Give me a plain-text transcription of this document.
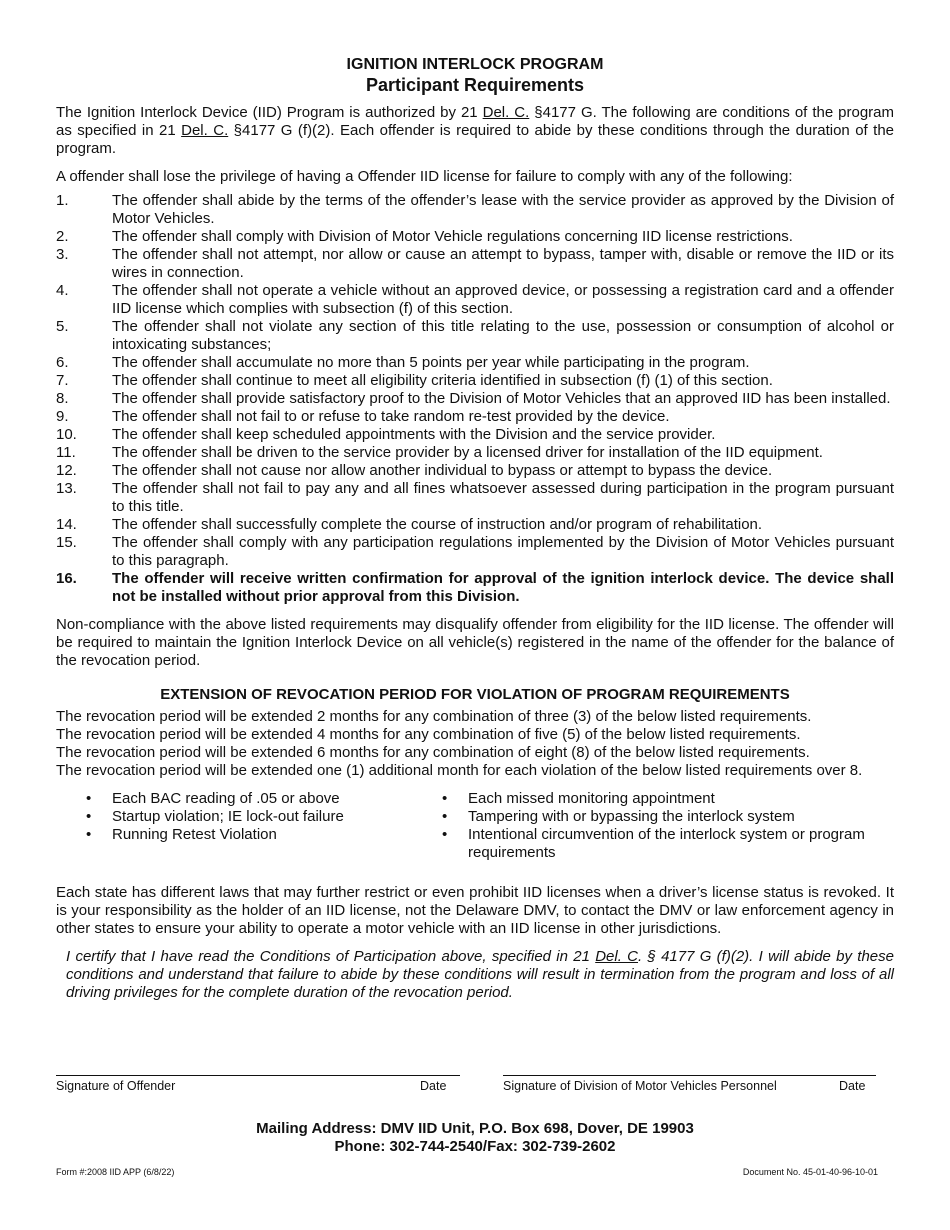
IGNITION INTERLOCK PROGRAM
Participant Requirements

The Ignition Interlock Device (IID) Program is authorized by 21 Del. C. §4177 G. The following are conditions of the program as specified in 21 Del. C. §4177 G (f)(2). Each offender is required to abide by these conditions through the duration of the program.

A offender shall lose the privilege of having a Offender IID license for failure to comply with any of the following:

1.	The offender shall abide by the terms of the offender’s lease with the service provider as approved by the Division of Motor Vehicles.
2.	The offender shall comply with Division of Motor Vehicle regulations concerning IID license restrictions.
3.	The offender shall not attempt, nor allow or cause an attempt to bypass, tamper with, disable or remove the IID or its wires in connection.
4.	The offender shall not operate a vehicle without an approved device, or possessing a registration card and a offender IID license which complies with subsection (f) of this section.
5.	The offender shall not violate any section of this title relating to the use, possession or consumption of alcohol or intoxicating substances;
6.	The offender shall accumulate no more than 5 points per year while participating in the program.
7.	The offender shall continue to meet all eligibility criteria identified in subsection (f) (1) of this section.
8.	The offender shall provide satisfactory proof to the Division of Motor Vehicles that an approved IID has been installed.
9.	The offender shall not fail to or refuse to take random re-test provided by the device.
10. The offender shall keep scheduled appointments with the Division and the service provider.
11. The offender shall be driven to the service provider by a licensed driver for installation of the IID equipment.
12. The offender shall not cause nor allow another individual to bypass or attempt to bypass the device.
13. The offender shall not fail to pay any and all fines whatsoever assessed during participation in the program pursuant to this title.
14. The offender shall successfully complete the course of instruction and/or program of rehabilitation.
15. The offender shall comply with any participation regulations implemented by the Division of Motor Vehicles pursuant to this paragraph.
16. The offender will receive written confirmation for approval of the ignition interlock device. The device shall not be installed without prior approval from this Division.

Non-compliance with the above listed requirements may disqualify offender from eligibility for the IID license. The offender will be required to maintain the Ignition Interlock Device on all vehicle(s) registered in the name of the offender for the balance of the revocation period.

EXTENSION OF REVOCATION PERIOD FOR VIOLATION OF PROGRAM REQUIREMENTS

The revocation period will be extended 2 months for any combination of three (3) of the below listed requirements.

The revocation period will be extended 4 months for any combination of five (5) of the below listed requirements.

The revocation period will be extended 6 months for any combination of eight (8) of the below listed requirements.

The revocation period will be extended one (1) additional month for each violation of the below listed requirements over 8.

• Each BAC reading of .05 or above
• Startup violation; IE lock-out failure
• Running Retest Violation
• Each missed monitoring appointment
• Tampering with or bypassing the interlock system
• Intentional circumvention of the interlock system or program requirements

Each state has different laws that may further restrict or even prohibit IID licenses when a driver’s license status is revoked. It is your responsibility as the holder of an IID license, not the Delaware DMV, to contact the DMV or law enforcement agency in other states to ensure your ability to operate a motor vehicle with an IID license in other jurisdictions.

I certify that I have read the Conditions of Participation above, specified in 21 Del. C. § 4177 G (f)(2). I will abide by these conditions and understand that failure to abide by these conditions will result in termination from the program and loss of all driving privileges for the complete duration of the revocation period.

Signature of Offender	Date	Signature of Division of Motor Vehicles Personnel	Date
Mailing Address: DMV IID Unit, P.O. Box 698, Dover, DE 19903
Phone: 302-744-2540/Fax: 302-739-2602
Form #:2008 IID APP (6/8/22)	Document No. 45-01-40-96-10-01
